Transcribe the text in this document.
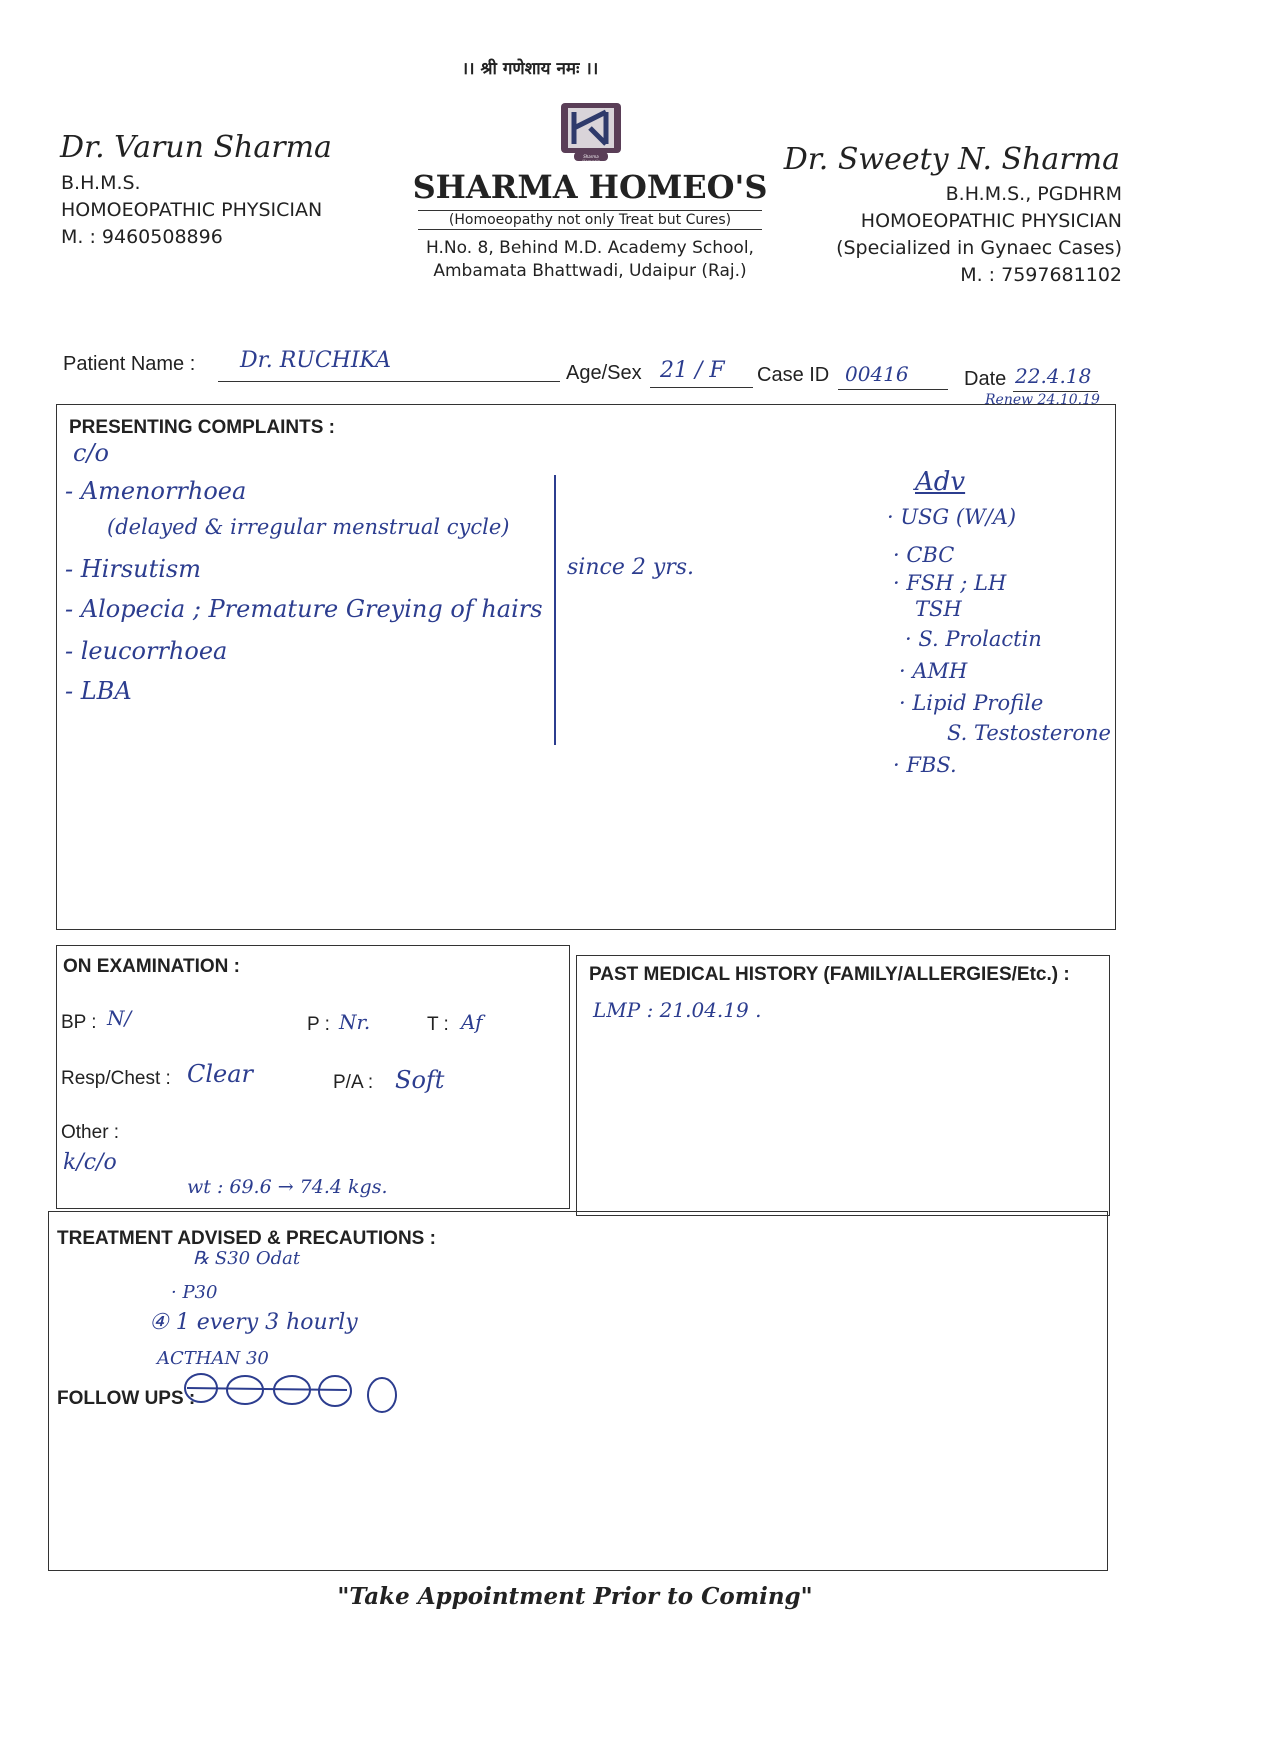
।। श्री गणेशाय नमः ।।
Sharma Homeo's
SHARMA HOMEO'S
(Homoeopathy not only Treat but Cures)
H.No. 8, Behind M.D. Academy School,
Ambamata Bhattwadi, Udaipur (Raj.)
Dr. Varun Sharma
B.H.M.S.
HOMOEOPATHIC PHYSICIAN
M. : 9460508896
Dr. Sweety N. Sharma
B.H.M.S., PGDHRM
HOMOEOPATHIC PHYSICIAN
(Specialized in Gynaec Cases)
M. : 7597681102
Patient Name : Dr. RUCHIKA	Age/Sex 21 / F Case ID 00416	Date 22.4.18
Renew 24.10.19
PRESENTING COMPLAINTS :
c/o
- Amenorrhoea
(delayed & irregular menstrual cycle)
- Hirsutism
- Alopecia ; Premature Greying of hairs
- leucorrhoea
- LBA
since 2 yrs.
Adv
· USG (W/A)
· CBC
· FSH ; LH
TSH
· S. Prolactin
· AMH
· Lipid Profile
S. Testosterone
· FBS.
ON EXAMINATION :
BP : N/	P : Nr.	T : Af
Resp/Chest : Clear	P/A : Soft
Other :
k/c/o
wt : 69.6 → 74.4 kgs.
PAST MEDICAL HISTORY (FAMILY/ALLERGIES/Etc.) :
LMP : 21.04.19 .
TREATMENT ADVISED & PRECAUTIONS :
℞ S30 Odat
· P30
④ 1 every 3 hourly
ACTHAN 30
FOLLOW UPS :
"Take Appointment Prior to Coming"
